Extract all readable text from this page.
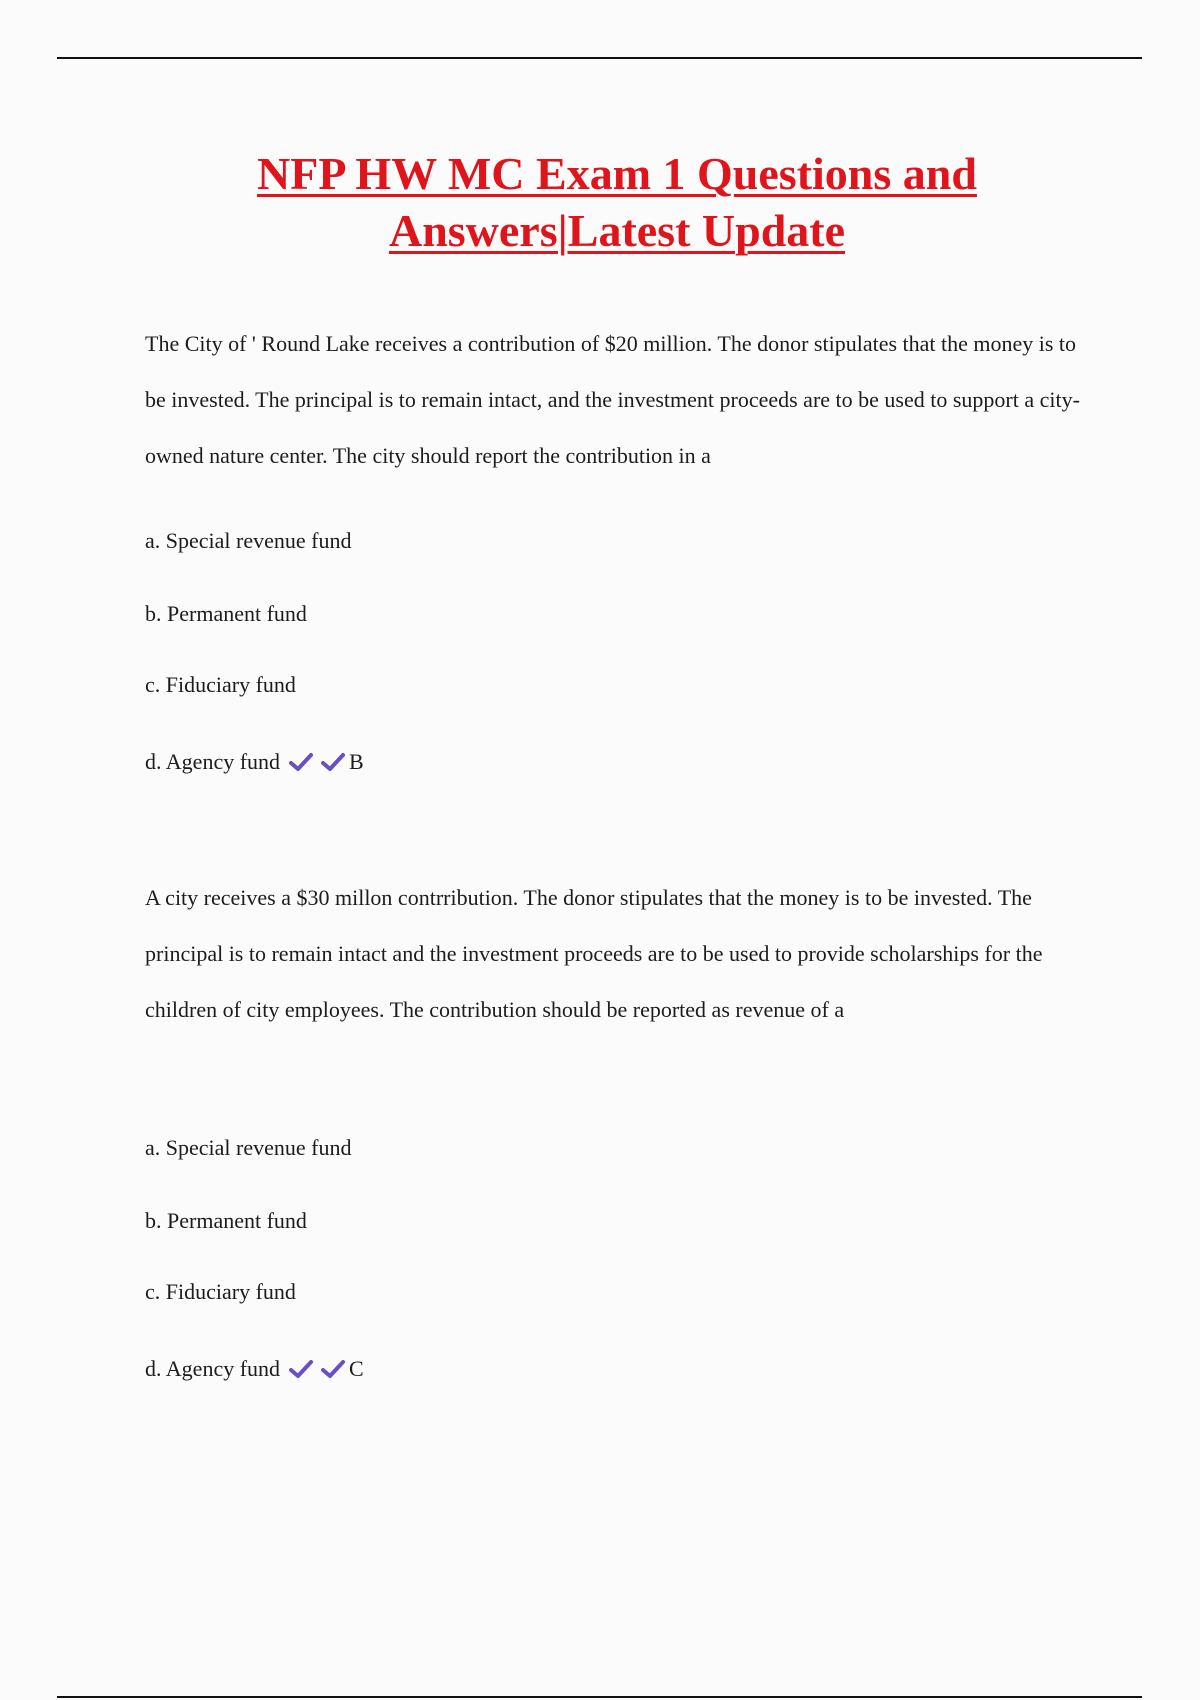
NFP HW MC Exam 1 Questions and
Answers|Latest Update

The City of ' Round Lake receives a contribution of $20 million. The donor stipulates that the money is to be invested. The principal is to remain intact, and the investment proceeds are to be used to support a city-owned nature center. The city should report the contribution in a

a. Special revenue fund
b. Permanent fund
c. Fiduciary fund
d. Agency fund	B

A city receives a $30 millon contrribution. The donor stipulates that the money is to be invested. The principal is to remain intact and the investment proceeds are to be used to provide scholarships for the children of city employees. The contribution should be reported as revenue of a

a. Special revenue fund
b. Permanent fund
c. Fiduciary fund
d. Agency fund	C
